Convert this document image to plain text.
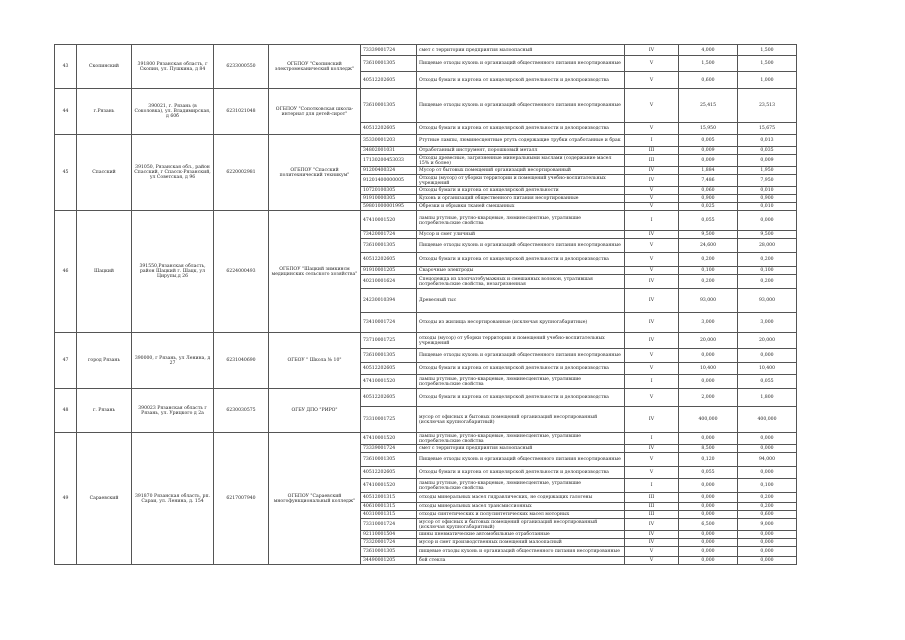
43	Скопинский	391800 Рязанская область, г Скопин, ул. Пушкина, д 84	6233000550	ОГБПОУ "Скопинский электромеханический колледж"	73339001724	смет с территории предприятия малоопасный	IV	4,000	1,500
					73610001305	Пищевые отходы кухонь и организаций общественного питания несортированные	V	1,500	1,500
					40512202605	Отходы бумаги и картона от канцелярской деятельности и делопроизводства	V	0,600	1,000
44	г.Рязань	390021, г. Рязань (в Соколовка), ул. Владимирская, д 60б	6231021048	ОГБПОУ "Сопотковская школа-интернат для детей-сирот"	73610001305	Пищевые отходы кухонь и организаций общественного питания несортированные	V	25,415	23,513
					40512202605	Отходы бумаги и картона от канцелярской деятельности и делопроизводства	V	15,950	15,675
45	Спасский	391050, Рязанская обл., район Спасский, г Спасск-Рязанский, ул Советская, д 96	6220002981	ОГБПОУ "Спасский политехнический техникум"	35330001203	Ртутные лампы, люминесцентные ртуть содержащие трубки отработанные и брак	I	0,005	0,013
					34802001031	Отработанный инструмент, порошковый металл	III	0,009	0,035
					17130200453033	Отходы древесные, загрязненные минеральными маслами (содержание масел 15% и более)	III	0,009	0,009
					91200400324	Мусор от бытовых помещений организаций несортированный	IV	1,884	1,950
					91201400000005	Отходы (мусор) от уборки территории и помещений учебно-воспитательных учреждений	IV	7,486	7,950
					10720100305	Отходы бумаги и картона от канцелярской деятельности	V	0,060	0,010
					91910000305	Кухонь и организаций общественного питания несортированные	V	0,900	0,900
					59801000001995	Обрезки и обрывки тканей смешанных	V	0,025	0,010
46	Шацкий	391550,Рязанская область, район Шацкий г. Шацк, ул Цирупы,д 26	6224000493	ОГБПОУ "Шацкий зимкинсм медицинских сельского хозяйства"	47410001520	лампы ртутные, ртутно-кварцевые, люминесцентные, утратившие потребительские свойства	I	0,055	0,000
					73420001724	Мусор и смет уличный	IV	9,500	9,500
					73610001305	Пищевые отходы кухонь и организаций общественного питания несортированные	V	24,600	28,000
					40512202605	Отходы бумаги и картона от канцелярской деятельности и делопроизводства	V	0,200	0,200
					91910001205	Сварочные электроды	V	0,100	0,100
					40210001624	Спецодежда из хлопчатобумажных и смешанных волокон, утратившая потребительские свойства, незагрязненная	IV	0,200	0,200
					24230010394	Древесный тыс	IV	93,000	93,000
					73410001724	Отходы из жилища несортированные (исключая крупногабаритные)	IV	3,000	3,000
47	город Рязань	390000, г Рязань, ул Ленина, д 27	6231040690	ОГБОУ " Школа № 10"	73710001725	отходы (мусор) от уборки территории и помещений учебно-воспитательных учреждений	IV	20,000	20,000
					73610001305	Пищевые отходы кухонь и организаций общественного питания несортированные	V	0,000	0,000
					40512202605	Отходы бумаги и картона от канцелярской деятельности и делопроизводства	V	10,400	10,400
					47410001520	лампы ртутные, ртутно-кварцевые, люминесцентные, утратившие потребительские свойства	I	0,000	0,055
48	г. Рязань	390023 Рязанская область г Рязань, ул. Урицкого д 2а	6230030575	ОГБУ ДПО "РИРО"	40512202605	Отходы бумаги и картона от канцелярской деятельности и делопроизводства	V	2,000	1,800
					73310001725	мусор от офисных и бытовых помещений организаций несортированный (исключая крупногабаритный)	IV	400,000	400,000
49	Сараевский	391870 Рязанская область, рп. Сараи, ул. Ленина, д. 154	6217007940	ОГБПОУ "Сараевский многофункциональный колледж"	47410001520	лампы ртутные, ртутно-кварцевые, люминесцентные, утратившие потребительские свойства	I	0,000	0,000
					73339001724	смет с территории предприятия малоопасный	IV	8,500	0,000
					73610001305	Пищевые отходы кухонь и организаций общественного питания несортированные	V	0,120	94,000
					40512202605	Отходы бумаги и картона от канцелярской деятельности и делопроизводства	V	0,055	0,000
					47410001520	лампы ртутные, ртутно-кварцевые, люминесцентные, утратившие потребительские свойства	I	0,000	0,100
					40512001315	отходы минеральных масел гидравлических, не содержащих галогены	III	0,000	0,200
					40610001315	отходы минеральных масел трансмиссионных	III	0,000	0,200
					40310001315	отходы синтетических и полусинтетических масел моторных	III	0,000	0,600
					73310001724	мусор от офисных и бытовых помещений организаций несортированный (исключая крупногабаритный)	IV	6,500	9,000
					92110001504	шины пневматические автомобильные отработанные	IV	0,000	0,000
					73320001724	мусор и смет производственных помещений малоопасный	IV	0,000	0,000
					73610001305	пищевые отходы кухонь и организаций общественного питания несортированные	V	0,000	0,000
					34490001205	бой стекла	V	0,000	0,000
